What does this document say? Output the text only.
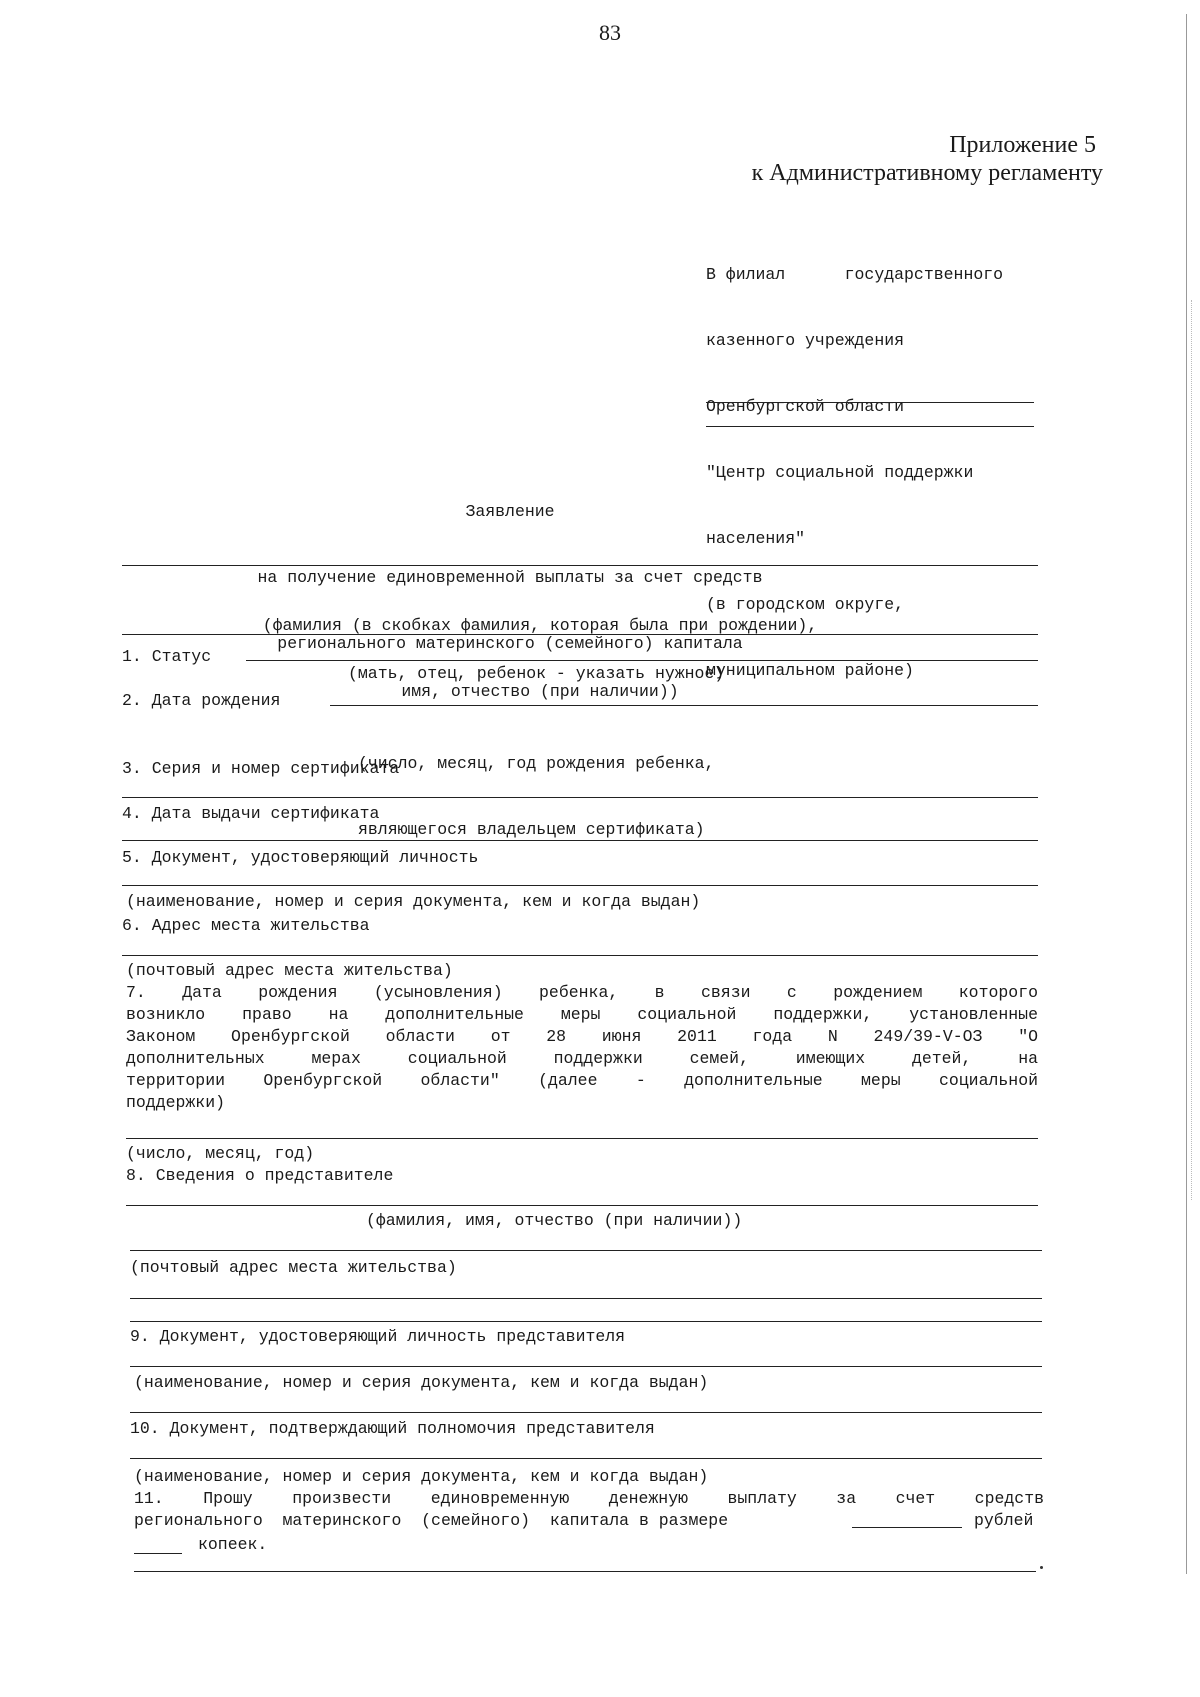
83
Приложение 5
к Административному регламенту

В филиал      государственного

казенного учреждения

Оренбургской области

"Центр социальной поддержки

населения"

(в городском округе,

муниципальном районе)

Заявление

на получение единовременной выплаты за счет средств

регионального материнского (семейного) капитала

(фамилия (в скобках фамилия, которая была при рождении),

имя, отчество (при наличии))

1. Статус
(мать, отец, ребенок - указать нужное)
2. Дата рождения

(число, месяц, год рождения ребенка,

являющегося владельцем сертификата)

3. Серия и номер сертификата
4. Дата выдачи сертификата
5. Документ, удостоверяющий личность
(наименование, номер и серия документа, кем и когда выдан)
6. Адрес места жительства
(почтовый адрес места жительства)
7. Дата рождения (усыновления) ребенка, в связи с рождением которого
возникло право на дополнительные меры социальной поддержки, установленные
Законом Оренбургской области от 28 июня 2011 года N 249/39-V-ОЗ "О
дополнительных мерах социальной поддержки семей, имеющих детей, на
территории Оренбургской области" (далее - дополнительные меры социальной
поддержки)
(число, месяц, год)
8. Сведения о представителе
(фамилия, имя, отчество (при наличии))
(почтовый адрес места жительства)
9. Документ, удостоверяющий личность представителя
(наименование, номер и серия документа, кем и когда выдан)
10. Документ, подтверждающий полномочия представителя
(наименование, номер и серия документа, кем и когда выдан)
11. Прошу произвести единовременную денежную выплату за счет средств
регионального  материнского  (семейного)  капитала в размере	рублей
копеек.
